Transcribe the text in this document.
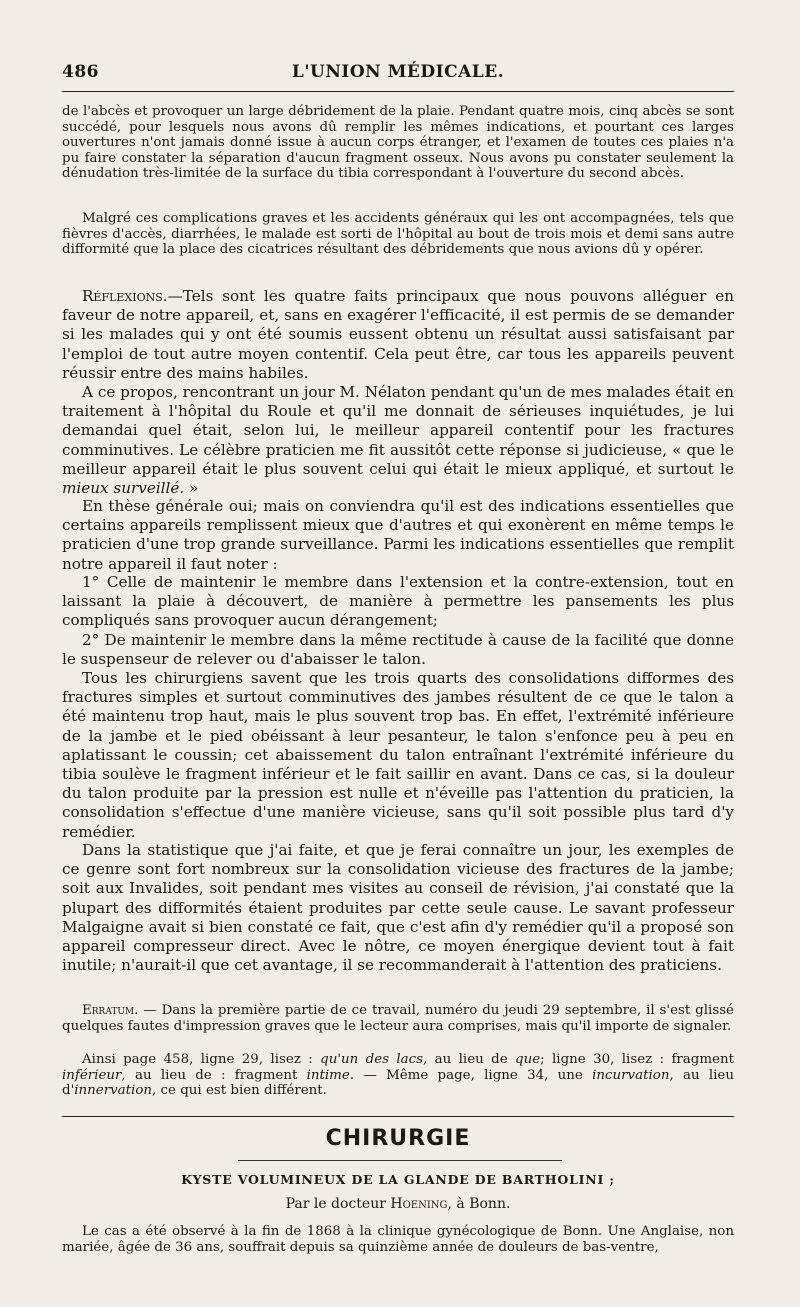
486	L'UNION MÉDICALE.

de l'abcès et provoquer un large débridement de la plaie. Pendant quatre mois, cinq abcès se sont succédé, pour lesquels nous avons dû remplir les mêmes indications, et pourtant ces larges ouvertures n'ont jamais donné issue à aucun corps étranger, et l'examen de toutes ces plaies n'a pu faire constater la séparation d'aucun fragment osseux. Nous avons pu constater seulement la dénudation très-limitée de la surface du tibia correspondant à l'ouverture du second abcès.

Malgré ces complications graves et les accidents généraux qui les ont accompagnées, tels que fièvres d'accès, diarrhées, le malade est sorti de l'hôpital au bout de trois mois et demi sans autre difformité que la place des cicatrices résultant des débridements que nous avions dû y opérer.

Réflexions.—Tels sont les quatre faits principaux que nous pouvons alléguer en faveur de notre appareil, et, sans en exagérer l'efficacité, il est permis de se demander si les malades qui y ont été soumis eussent obtenu un résultat aussi satisfaisant par l'emploi de tout autre moyen contentif. Cela peut être, car tous les appareils peuvent réussir entre des mains habiles.

A ce propos, rencontrant un jour M. Nélaton pendant qu'un de mes malades était en traitement à l'hôpital du Roule et qu'il me donnait de sérieuses inquiétudes, je lui demandai quel était, selon lui, le meilleur appareil contentif pour les fractures comminutives. Le célèbre praticien me fit aussitôt cette réponse si judicieuse, « que le meilleur appareil était le plus souvent celui qui était le mieux appliqué, et surtout le mieux surveillé. »

En thèse générale oui; mais on conviendra qu'il est des indications essentielles que certains appareils remplissent mieux que d'autres et qui exonèrent en même temps le praticien d'une trop grande surveillance. Parmi les indications essentielles que remplit notre appareil il faut noter :

1° Celle de maintenir le membre dans l'extension et la contre-extension, tout en laissant la plaie à découvert, de manière à permettre les pansements les plus compliqués sans provoquer aucun dérangement;

2° De maintenir le membre dans la même rectitude à cause de la facilité que donne le suspenseur de relever ou d'abaisser le talon.

Tous les chirurgiens savent que les trois quarts des consolidations difformes des fractures simples et surtout comminutives des jambes résultent de ce que le talon a été maintenu trop haut, mais le plus souvent trop bas. En effet, l'extrémité inférieure de la jambe et le pied obéissant à leur pesanteur, le talon s'enfonce peu à peu en aplatissant le coussin; cet abaissement du talon entraînant l'extrémité inférieure du tibia soulève le fragment inférieur et le fait saillir en avant. Dans ce cas, si la douleur du talon produite par la pression est nulle et n'éveille pas l'attention du praticien, la consolidation s'effectue d'une manière vicieuse, sans qu'il soit possible plus tard d'y remédier.

Dans la statistique que j'ai faite, et que je ferai connaître un jour, les exemples de ce genre sont fort nombreux sur la consolidation vicieuse des fractures de la jambe; soit aux Invalides, soit pendant mes visites au conseil de révision, j'ai constaté que la plupart des difformités étaient produites par cette seule cause. Le savant professeur Malgaigne avait si bien constaté ce fait, que c'est afin d'y remédier qu'il a proposé son appareil compresseur direct. Avec le nôtre, ce moyen énergique devient tout à fait inutile; n'aurait-il que cet avantage, il se recommanderait à l'attention des praticiens.

Erratum. — Dans la première partie de ce travail, numéro du jeudi 29 septembre, il s'est glissé quelques fautes d'impression graves que le lecteur aura comprises, mais qu'il importe de signaler.

Ainsi page 458, ligne 29, lisez : qu'un des lacs, au lieu de que; ligne 30, lisez : fragment inférieur, au lieu de : fragment intime. — Même page, ligne 34, une incurvation, au lieu d'innervation, ce qui est bien différent.

CHIRURGIE
KYSTE VOLUMINEUX DE LA GLANDE DE BARTHOLINI ;
Par le docteur Hoening, à Bonn.

Le cas a été observé à la fin de 1868 à la clinique gynécologique de Bonn. Une Anglaise, non mariée, âgée de 36 ans, souffrait depuis sa quinzième année de douleurs de bas-ventre,
